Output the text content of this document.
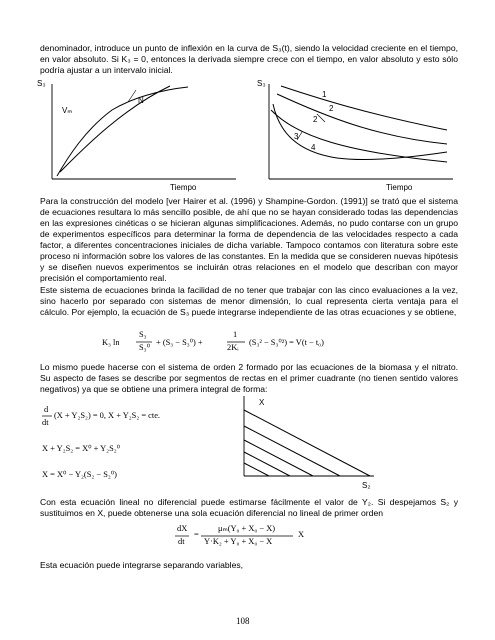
denominador, introduce un punto de inflexión en la curva de S₃(t), siendo la velocidad creciente en el tiempo, en valor absoluto. Si K₃ = 0, entonces la derivada siempre crece con el tiempo, en valor absoluto y esto sólo podría ajustar a un intervalo inicial.

S₃
Vₘ
N
Tiempo
S₃
1
2
2
3
4
Tiempo

Para la construcción del modelo [ver Hairer et al. (1996) y Shampine-Gordon. (1991)] se trató que el sistema de ecuaciones resultara lo más sencillo posible, de ahí que no se hayan considerado todas las dependencias en las expresiones cinéticas o se hicieran algunas simplificaciones. Además, no pudo contarse con un grupo de experimentos específicos para determinar la forma de dependencia de las velocidades respecto a cada factor, a diferentes concentraciones iniciales de dicha variable. Tampoco contamos con literatura sobre este proceso ni información sobre los valores de las constantes. En la medida que se consideren nuevas hipótesis y se diseñen nuevos experimentos se incluirán otras relaciones en el modelo que describan con mayor precisión el comportamiento real.

Este sistema de ecuaciones brinda la facilidad de no tener que trabajar con las cinco evaluaciones a la vez, sino hacerlo por separado con sistemas de menor dimensión, lo cual representa cierta ventaja para el cálculo. Por ejemplo, la ecuación de S₃ puede integrarse independiente de las otras ecuaciones y se obtiene,

K₃ ln
S₃
S₃⁰
+ (S₃ − S₃⁰) +
1
2Kᵢ
(S₃² − S₃⁰²) = V(t − t₀)

Lo mismo puede hacerse con el sistema de orden 2 formado por las ecuaciones de la biomasa y el nitrato. Su aspecto de fases se describe por segmentos de rectas en el primer cuadrante (no tienen sentido valores negativos) ya que se obtiene una primera integral de forma:

d
dt
(X + Y₂S₂) = 0, X + Y₂S₂ = cte.
X + Y₂S₂ = X⁰ + Y₂S₂⁰
X = X⁰ − Y₂(S₂ − S₂⁰)
X
S₂

Con esta ecuación lineal no diferencial puede estimarse fácilmente el valor de Y₂. Si despejamos S₂ y sustituimos en X, puede obtenerse una sola ecuación diferencial no lineal de primer orden

dX
dt
=
μₘ(Y₀ + X₀ − X)
Y·K₂ + Y₀ + X₀ − X
X

Esta ecuación puede integrarse separando variables,

108
